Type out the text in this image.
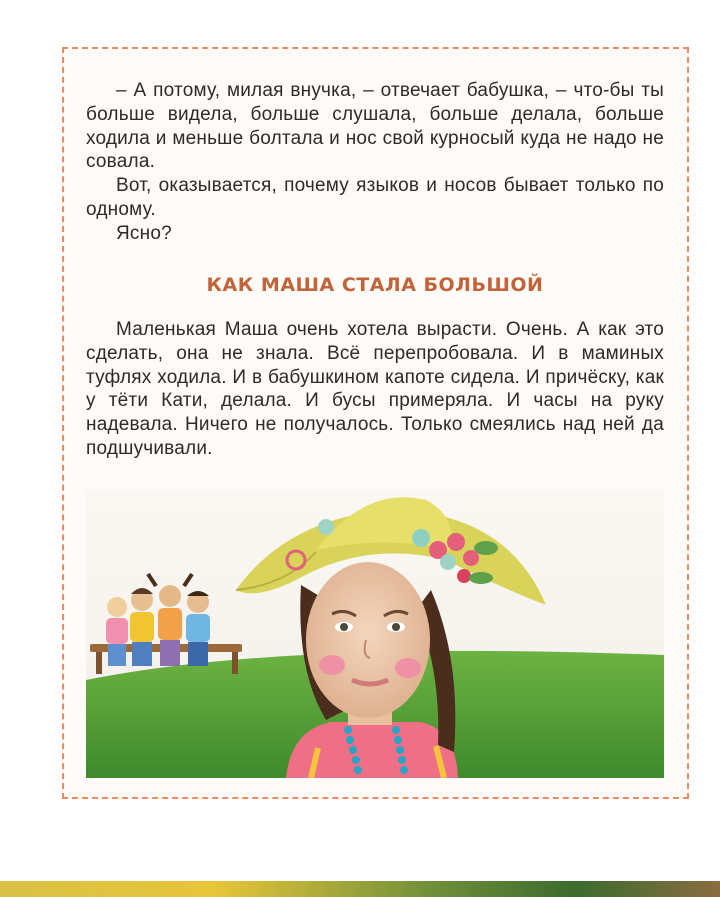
– А потому, милая внучка, – отвечает бабушка, – что-бы ты больше видела, больше слушала, больше делала, больше ходила и меньше болтала и нос свой курносый куда не надо не совала.

Вот, оказывается, почему языков и носов бывает только по одному.

Ясно?

КАК МАША СТАЛА БОЛЬШОЙ

Маленькая Маша очень хотела вырасти. Очень. А как это сделать, она не знала. Всё перепробовала. И в маминых туфлях ходила. И в бабушкином капоте сидела. И причёску, как у тёти Кати, делала. И бусы примеряла. И часы на руку надевала. Ничего не получалось. Только смеялись над ней да подшучивали.
